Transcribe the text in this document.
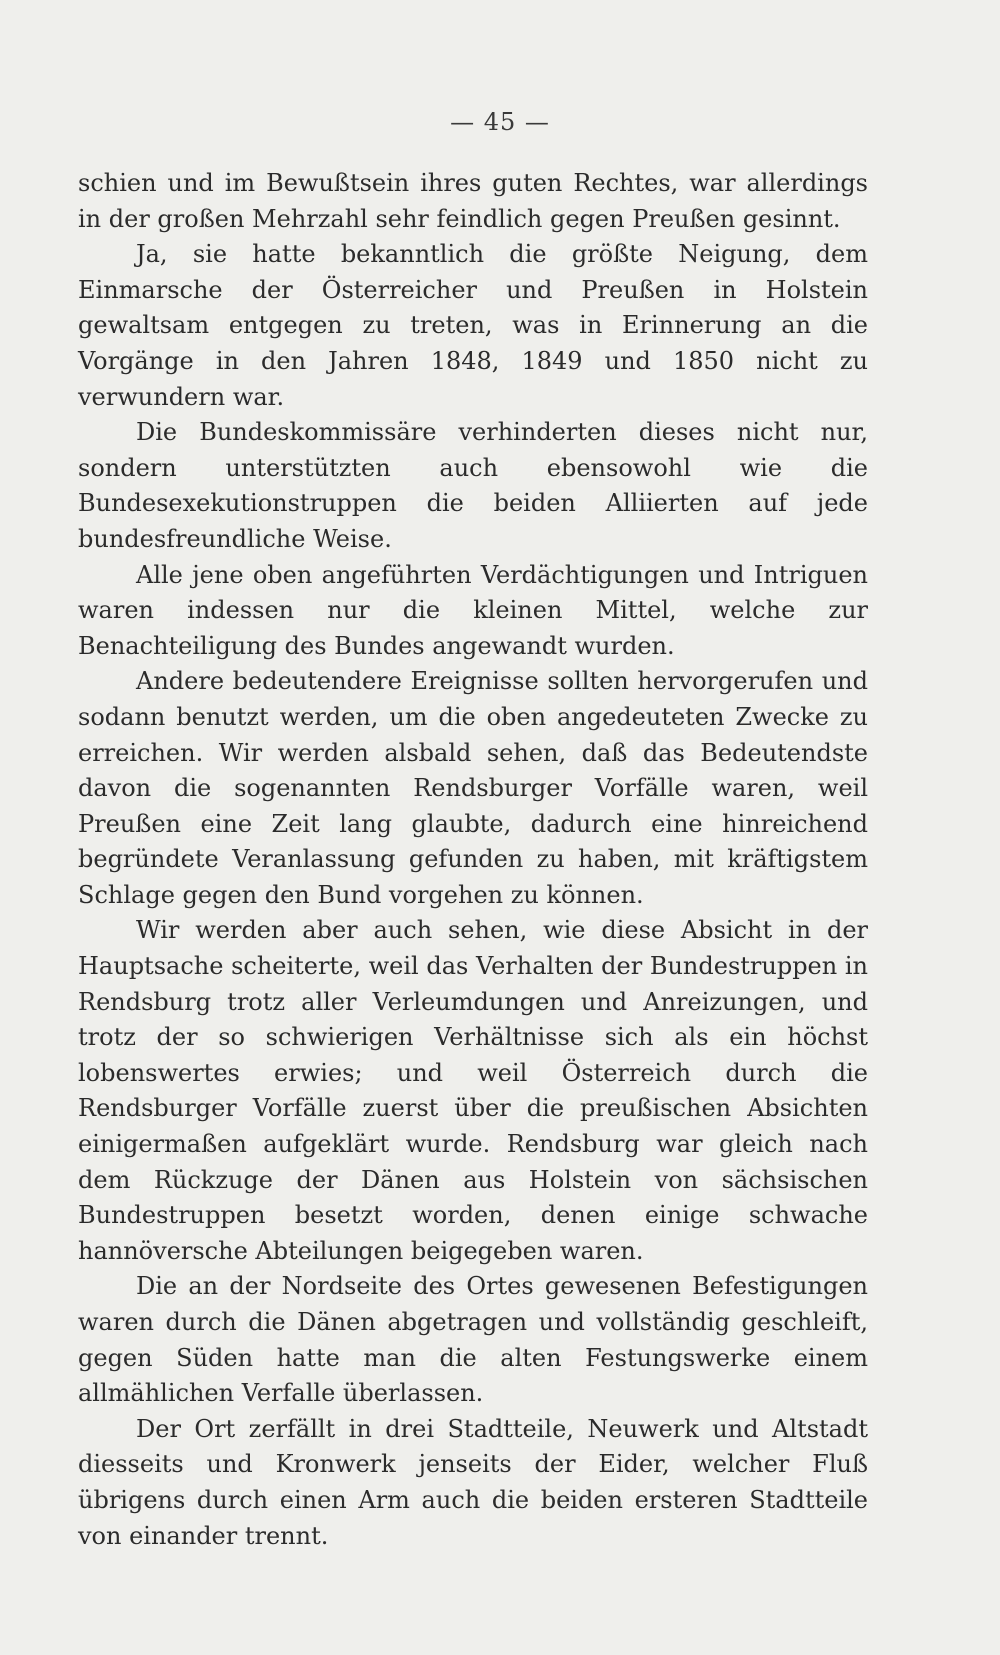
— 45 —

schien und im Bewußtsein ihres guten Rechtes, war allerdings in der großen Mehrzahl sehr feindlich gegen Preußen gesinnt.

Ja, sie hatte bekanntlich die größte Neigung, dem Einmarsche der Österreicher und Preußen in Holstein gewaltsam entgegen zu treten, was in Erinnerung an die Vorgänge in den Jahren 1848, 1849 und 1850 nicht zu verwundern war.

Die Bundeskommissäre verhinderten dieses nicht nur, sondern unterstützten auch ebensowohl wie die Bundesexekutionstruppen die beiden Alliierten auf jede bundesfreundliche Weise.

Alle jene oben angeführten Verdächtigungen und Intriguen waren indessen nur die kleinen Mittel, welche zur Benachteiligung des Bundes angewandt wurden.

Andere bedeutendere Ereignisse sollten hervorgerufen und sodann benutzt werden, um die oben angedeuteten Zwecke zu erreichen. Wir werden alsbald sehen, daß das Bedeutendste davon die sogenannten Rendsburger Vorfälle waren, weil Preußen eine Zeit lang glaubte, dadurch eine hinreichend begründete Veranlassung gefunden zu haben, mit kräftigstem Schlage gegen den Bund vorgehen zu können.

Wir werden aber auch sehen, wie diese Absicht in der Hauptsache scheiterte, weil das Verhalten der Bundestruppen in Rendsburg trotz aller Verleumdungen und Anreizungen, und trotz der so schwierigen Verhältnisse sich als ein höchst lobenswertes erwies; und weil Österreich durch die Rendsburger Vorfälle zuerst über die preußischen Absichten einigermaßen aufgeklärt wurde. Rendsburg war gleich nach dem Rückzuge der Dänen aus Holstein von sächsischen Bundestruppen besetzt worden, denen einige schwache hannöversche Abteilungen beigegeben waren.

Die an der Nordseite des Ortes gewesenen Befestigungen waren durch die Dänen abgetragen und vollständig geschleift, gegen Süden hatte man die alten Festungswerke einem allmählichen Verfalle überlassen.

Der Ort zerfällt in drei Stadtteile, Neuwerk und Altstadt diesseits und Kronwerk jenseits der Eider, welcher Fluß übrigens durch einen Arm auch die beiden ersteren Stadtteile von einander trennt.
